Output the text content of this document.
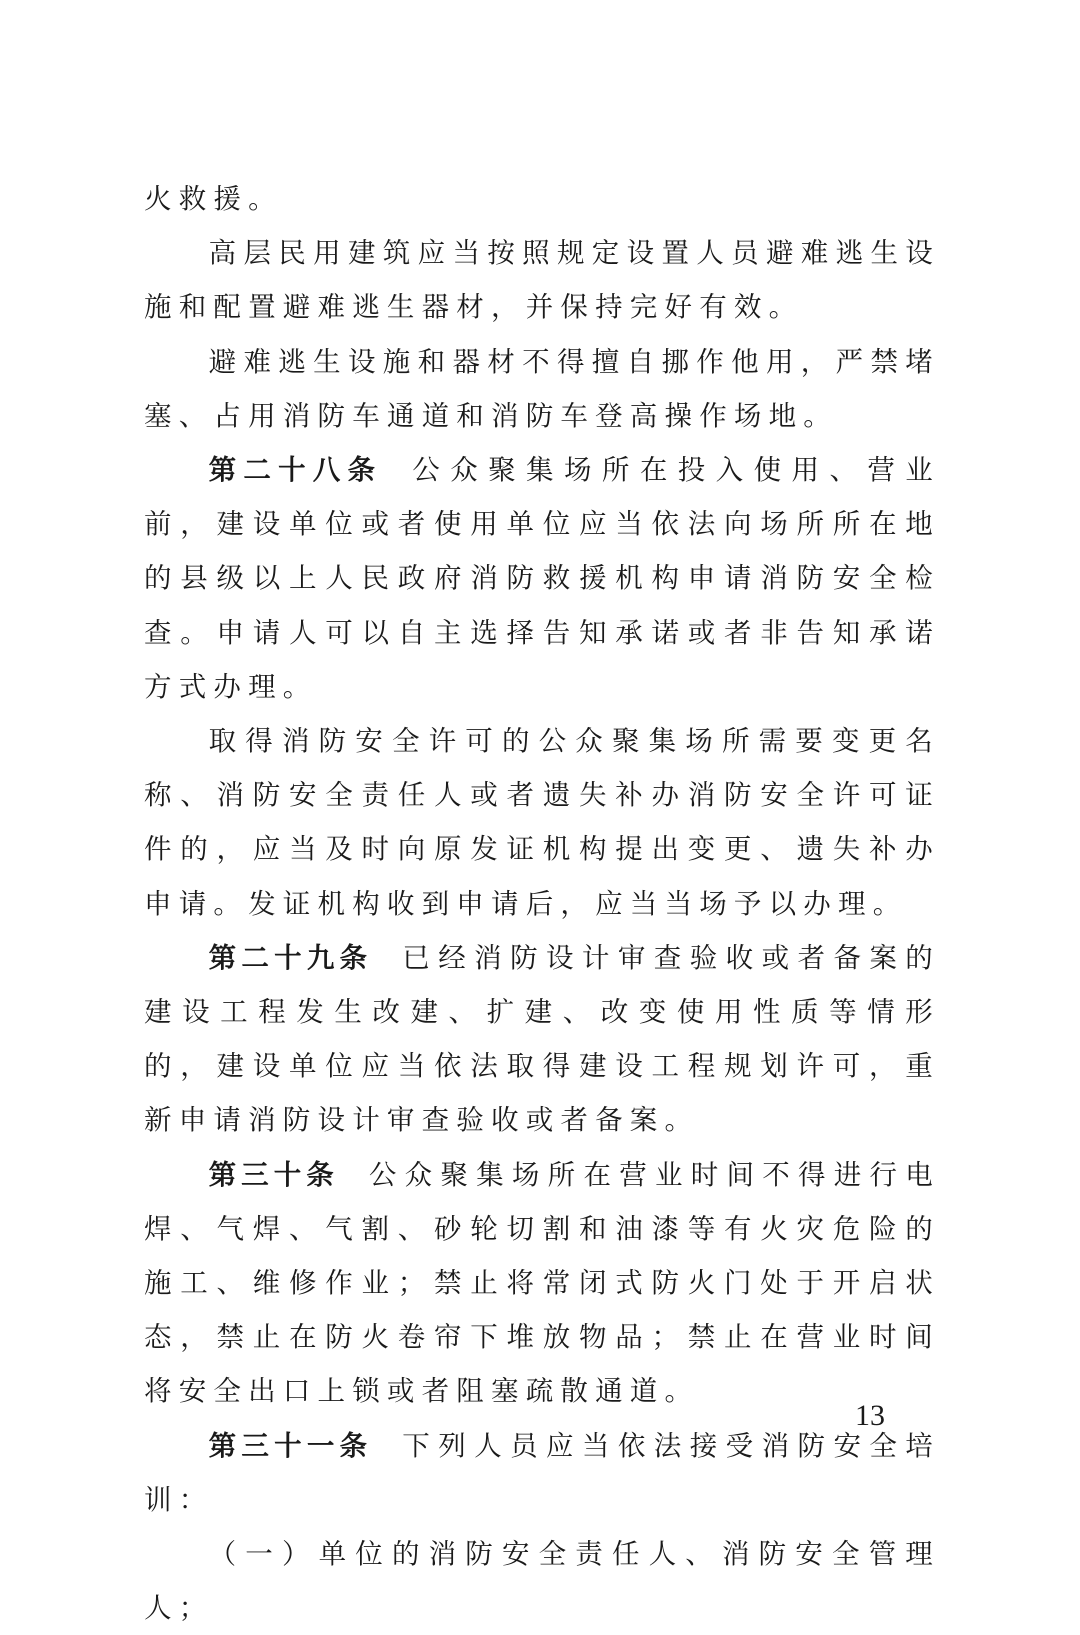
火救援。

高层民用建筑应当按照规定设置人员避难逃生设施和配置避难逃生器材，并保持完好有效。

避难逃生设施和器材不得擅自挪作他用，严禁堵塞、占用消防车通道和消防车登高操作场地。

第二十八条 公众聚集场所在投入使用、营业前，建设单位或者使用单位应当依法向场所所在地的县级以上人民政府消防救援机构申请消防安全检查。申请人可以自主选择告知承诺或者非告知承诺方式办理。

取得消防安全许可的公众聚集场所需要变更名称、消防安全责任人或者遗失补办消防安全许可证件的，应当及时向原发证机构提出变更、遗失补办申请。发证机构收到申请后，应当当场予以办理。

第二十九条 已经消防设计审查验收或者备案的建设工程发生改建、扩建、改变使用性质等情形的，建设单位应当依法取得建设工程规划许可，重新申请消防设计审查验收或者备案。

第三十条 公众聚集场所在营业时间不得进行电焊、气焊、气割、砂轮切割和油漆等有火灾危险的施工、维修作业；禁止将常闭式防火门处于开启状态，禁止在防火卷帘下堆放物品；禁止在营业时间将安全出口上锁或者阻塞疏散通道。

第三十一条 下列人员应当依法接受消防安全培训：

（一）单位的消防安全责任人、消防安全管理人；

13
